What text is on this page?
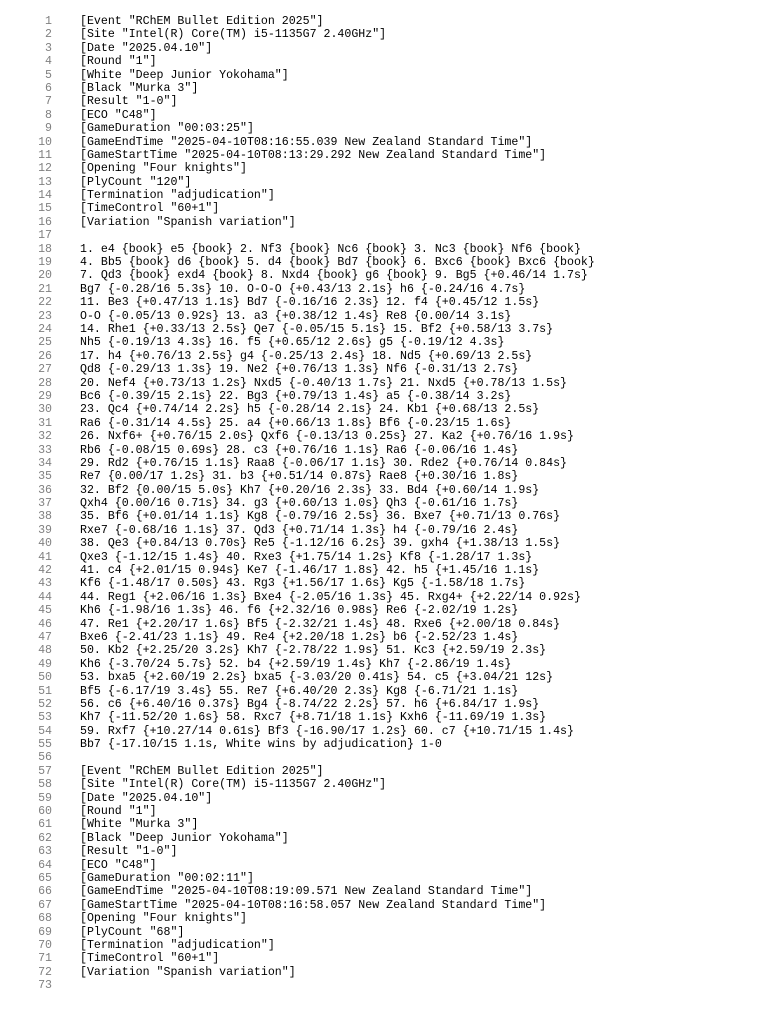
1 [Event "RChEM Bullet Edition 2025"]
2 [Site "Intel(R) Core(TM) i5-1135G7 2.40GHz"]
3 [Date "2025.04.10"]
4 [Round "1"]
5 [White "Deep Junior Yokohama"]
6 [Black "Murka 3"]
7 [Result "1-0"]
8 [ECO "C48"]
9 [GameDuration "00:03:25"]
10 [GameEndTime "2025-04-10T08:16:55.039 New Zealand Standard Time"]
11 [GameStartTime "2025-04-10T08:13:29.292 New Zealand Standard Time"]
12 [Opening "Four knights"]
13 [PlyCount "120"]
14 [Termination "adjudication"]
15 [TimeControl "60+1"]
16 [Variation "Spanish variation"]
17
18 1. e4 {book} e5 {book} 2. Nf3 {book} Nc6 {book} 3. Nc3 {book} Nf6 {book}
19 4. Bb5 {book} d6 {book} 5. d4 {book} Bd7 {book} 6. Bxc6 {book} Bxc6 {book}
20 7. Qd3 {book} exd4 {book} 8. Nxd4 {book} g6 {book} 9. Bg5 {+0.46/14 1.7s}
21 Bg7 {-0.28/16 5.3s} 10. O-O-O {+0.43/13 2.1s} h6 {-0.24/16 4.7s}
22 11. Be3 {+0.47/13 1.1s} Bd7 {-0.16/16 2.3s} 12. f4 {+0.45/12 1.5s}
23 O-O {-0.05/13 0.92s} 13. a3 {+0.38/12 1.4s} Re8 {0.00/14 3.1s}
24 14. Rhe1 {+0.33/13 2.5s} Qe7 {-0.05/15 5.1s} 15. Bf2 {+0.58/13 3.7s}
25 Nh5 {-0.19/13 4.3s} 16. f5 {+0.65/12 2.6s} g5 {-0.19/12 4.3s}
26 17. h4 {+0.76/13 2.5s} g4 {-0.25/13 2.4s} 18. Nd5 {+0.69/13 2.5s}
27 Qd8 {-0.29/13 1.3s} 19. Ne2 {+0.76/13 1.3s} Nf6 {-0.31/13 2.7s}
28 20. Nef4 {+0.73/13 1.2s} Nxd5 {-0.40/13 1.7s} 21. Nxd5 {+0.78/13 1.5s}
29 Bc6 {-0.39/15 2.1s} 22. Bg3 {+0.79/13 1.4s} a5 {-0.38/14 3.2s}
30 23. Qc4 {+0.74/14 2.2s} h5 {-0.28/14 2.1s} 24. Kb1 {+0.68/13 2.5s}
31 Ra6 {-0.31/14 4.5s} 25. a4 {+0.66/13 1.8s} Bf6 {-0.23/15 1.6s}
32 26. Nxf6+ {+0.76/15 2.0s} Qxf6 {-0.13/13 0.25s} 27. Ka2 {+0.76/16 1.9s}
33 Rb6 {-0.08/15 0.69s} 28. c3 {+0.76/16 1.1s} Ra6 {-0.06/16 1.4s}
34 29. Rd2 {+0.76/15 1.1s} Raa8 {-0.06/17 1.1s} 30. Rde2 {+0.76/14 0.84s}
35 Re7 {0.00/17 1.2s} 31. b3 {+0.51/14 0.87s} Rae8 {+0.30/16 1.8s}
36 32. Bf2 {0.00/15 5.0s} Kh7 {+0.20/16 2.3s} 33. Bd4 {+0.60/14 1.9s}
37 Qxh4 {0.00/16 0.71s} 34. g3 {+0.60/13 1.0s} Qh3 {-0.61/16 1.7s}
38 35. Bf6 {+0.01/14 1.1s} Kg8 {-0.79/16 2.5s} 36. Bxe7 {+0.71/13 0.76s}
39 Rxe7 {-0.68/16 1.1s} 37. Qd3 {+0.71/14 1.3s} h4 {-0.79/16 2.4s}
40 38. Qe3 {+0.84/13 0.70s} Re5 {-1.12/16 6.2s} 39. gxh4 {+1.38/13 1.5s}
41 Qxe3 {-1.12/15 1.4s} 40. Rxe3 {+1.75/14 1.2s} Kf8 {-1.28/17 1.3s}
42 41. c4 {+2.01/15 0.94s} Ke7 {-1.46/17 1.8s} 42. h5 {+1.45/16 1.1s}
43 Kf6 {-1.48/17 0.50s} 43. Rg3 {+1.56/17 1.6s} Kg5 {-1.58/18 1.7s}
44 44. Reg1 {+2.06/16 1.3s} Bxe4 {-2.05/16 1.3s} 45. Rxg4+ {+2.22/14 0.92s}
45 Kh6 {-1.98/16 1.3s} 46. f6 {+2.32/16 0.98s} Re6 {-2.02/19 1.2s}
46 47. Re1 {+2.20/17 1.6s} Bf5 {-2.32/21 1.4s} 48. Rxe6 {+2.00/18 0.84s}
47 Bxe6 {-2.41/23 1.1s} 49. Re4 {+2.20/18 1.2s} b6 {-2.52/23 1.4s}
48 50. Kb2 {+2.25/20 3.2s} Kh7 {-2.78/22 1.9s} 51. Kc3 {+2.59/19 2.3s}
49 Kh6 {-3.70/24 5.7s} 52. b4 {+2.59/19 1.4s} Kh7 {-2.86/19 1.4s}
50 53. bxa5 {+2.60/19 2.2s} bxa5 {-3.03/20 0.41s} 54. c5 {+3.04/21 12s}
51 Bf5 {-6.17/19 3.4s} 55. Re7 {+6.40/20 2.3s} Kg8 {-6.71/21 1.1s}
52 56. c6 {+6.40/16 0.37s} Bg4 {-8.74/22 2.2s} 57. h6 {+6.84/17 1.9s}
53 Kh7 {-11.52/20 1.6s} 58. Rxc7 {+8.71/18 1.1s} Kxh6 {-11.69/19 1.3s}
54 59. Rxf7 {+10.27/14 0.61s} Bf3 {-16.90/17 1.2s} 60. c7 {+10.71/15 1.4s}
55 Bb7 {-17.10/15 1.1s, White wins by adjudication} 1-0
56
57 [Event "RChEM Bullet Edition 2025"]
58 [Site "Intel(R) Core(TM) i5-1135G7 2.40GHz"]
59 [Date "2025.04.10"]
60 [Round "1"]
61 [White "Murka 3"]
62 [Black "Deep Junior Yokohama"]
63 [Result "1-0"]
64 [ECO "C48"]
65 [GameDuration "00:02:11"]
66 [GameEndTime "2025-04-10T08:19:09.571 New Zealand Standard Time"]
67 [GameStartTime "2025-04-10T08:16:58.057 New Zealand Standard Time"]
68 [Opening "Four knights"]
69 [PlyCount "68"]
70 [Termination "adjudication"]
71 [TimeControl "60+1"]
72 [Variation "Spanish variation"]
73
